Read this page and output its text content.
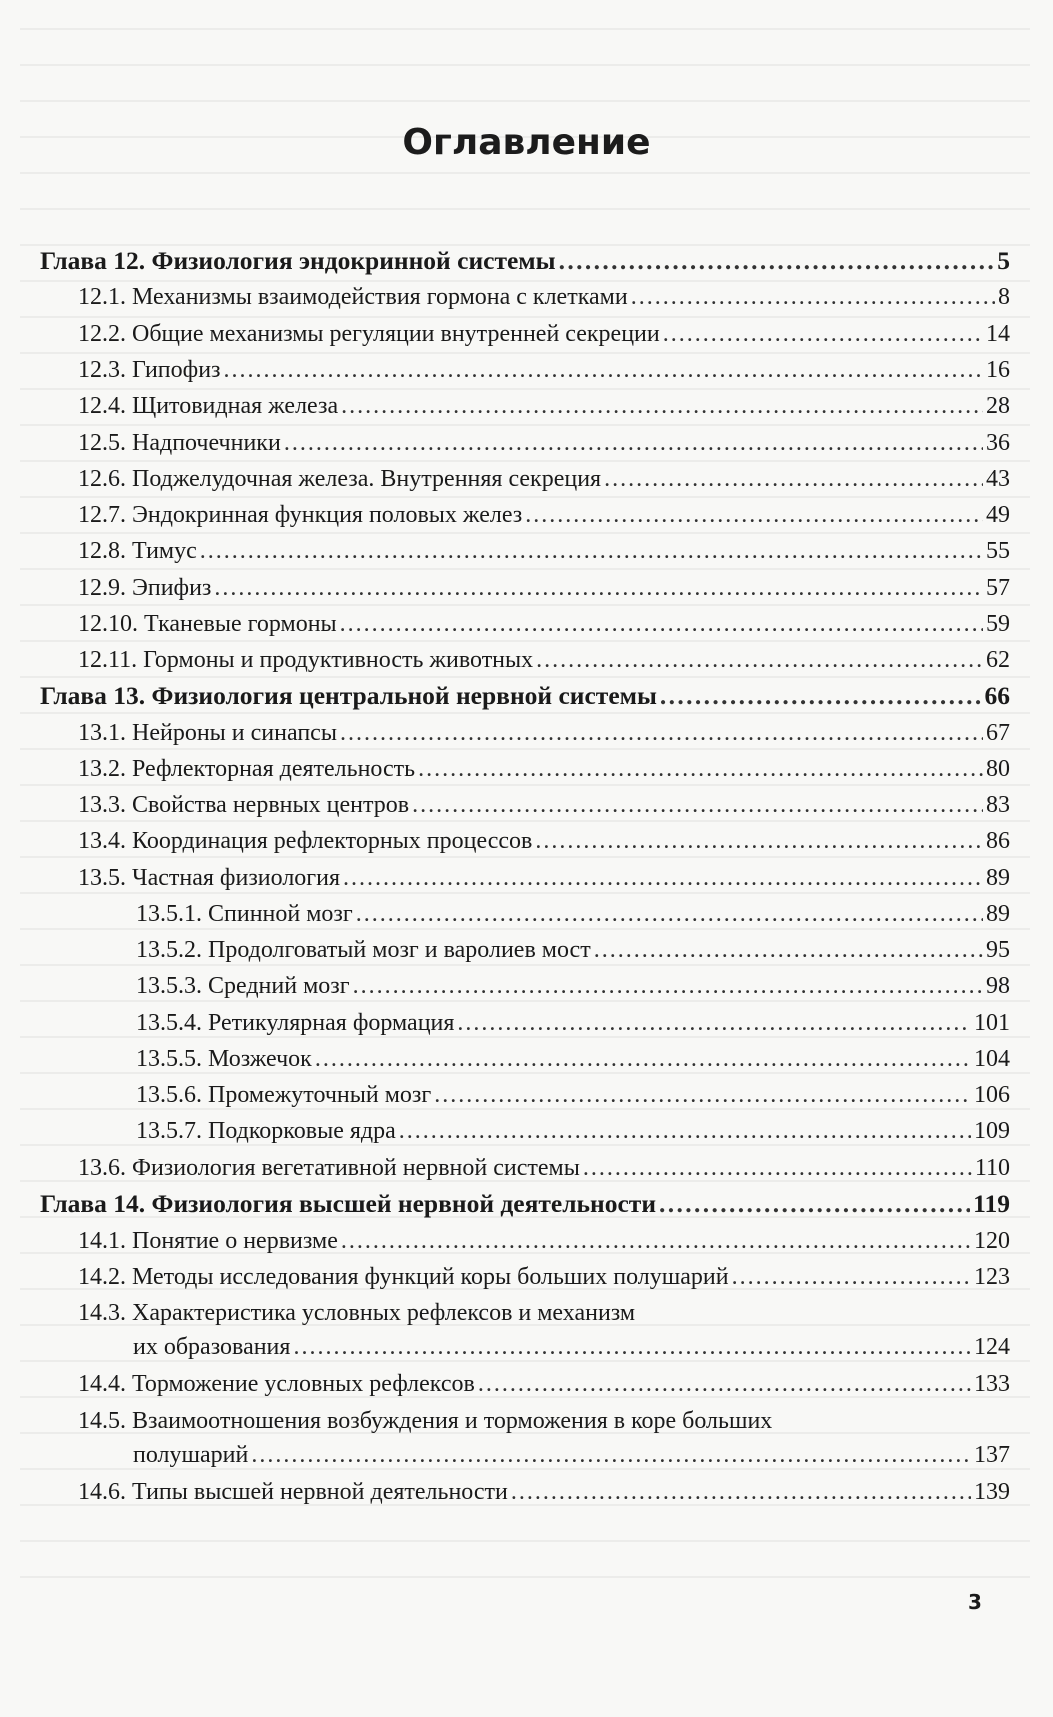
Оглавление
Глава 12. Физиология эндокринной системы . . .	5
12.1. Механизмы взаимодействия гормона с клетками . . .	8
12.2. Общие механизмы регуляции внутренней секреции . . .	14
12.3. Гипофиз . . .	16
12.4. Щитовидная железа . . .	28
12.5. Надпочечники . . .	36
12.6. Поджелудочная железа. Внутренняя секреция . . .	43
12.7. Эндокринная функция половых желез . . .	49
12.8. Тимус . . .	55
12.9. Эпифиз . . .	57
12.10. Тканевые гормоны . . .	59
12.11. Гормоны и продуктивность животных . . .	62
Глава 13. Физиология центральной нервной системы . . .	66
13.1. Нейроны и синапсы . . .	67
13.2. Рефлекторная деятельность . . .	80
13.3. Свойства нервных центров . . .	83
13.4. Координация рефлекторных процессов . . .	86
13.5. Частная физиология . . .	89
13.5.1. Спинной мозг . . .	89
13.5.2. Продолговатый мозг и варолиев мост . . .	95
13.5.3. Средний мозг . . .	98
13.5.4. Ретикулярная формация . . .	101
13.5.5. Мозжечок . . .	104
13.5.6. Промежуточный мозг . . .	106
13.5.7. Подкорковые ядра . . .	109
13.6. Физиология вегетативной нервной системы . . .	110
Глава 14. Физиология высшей нервной деятельности . . .	119
14.1. Понятие о нервизме . . .	120
14.2. Методы исследования функций коры больших полушарий . . .	123
14.3. Характеристика условных рефлексов и механизм
их образования . . .	124
14.4. Торможение условных рефлексов . . .	133
14.5. Взаимоотношения возбуждения и торможения в коре больших
полушарий . . .	137
14.6. Типы высшей нервной деятельности . . .	139
3
